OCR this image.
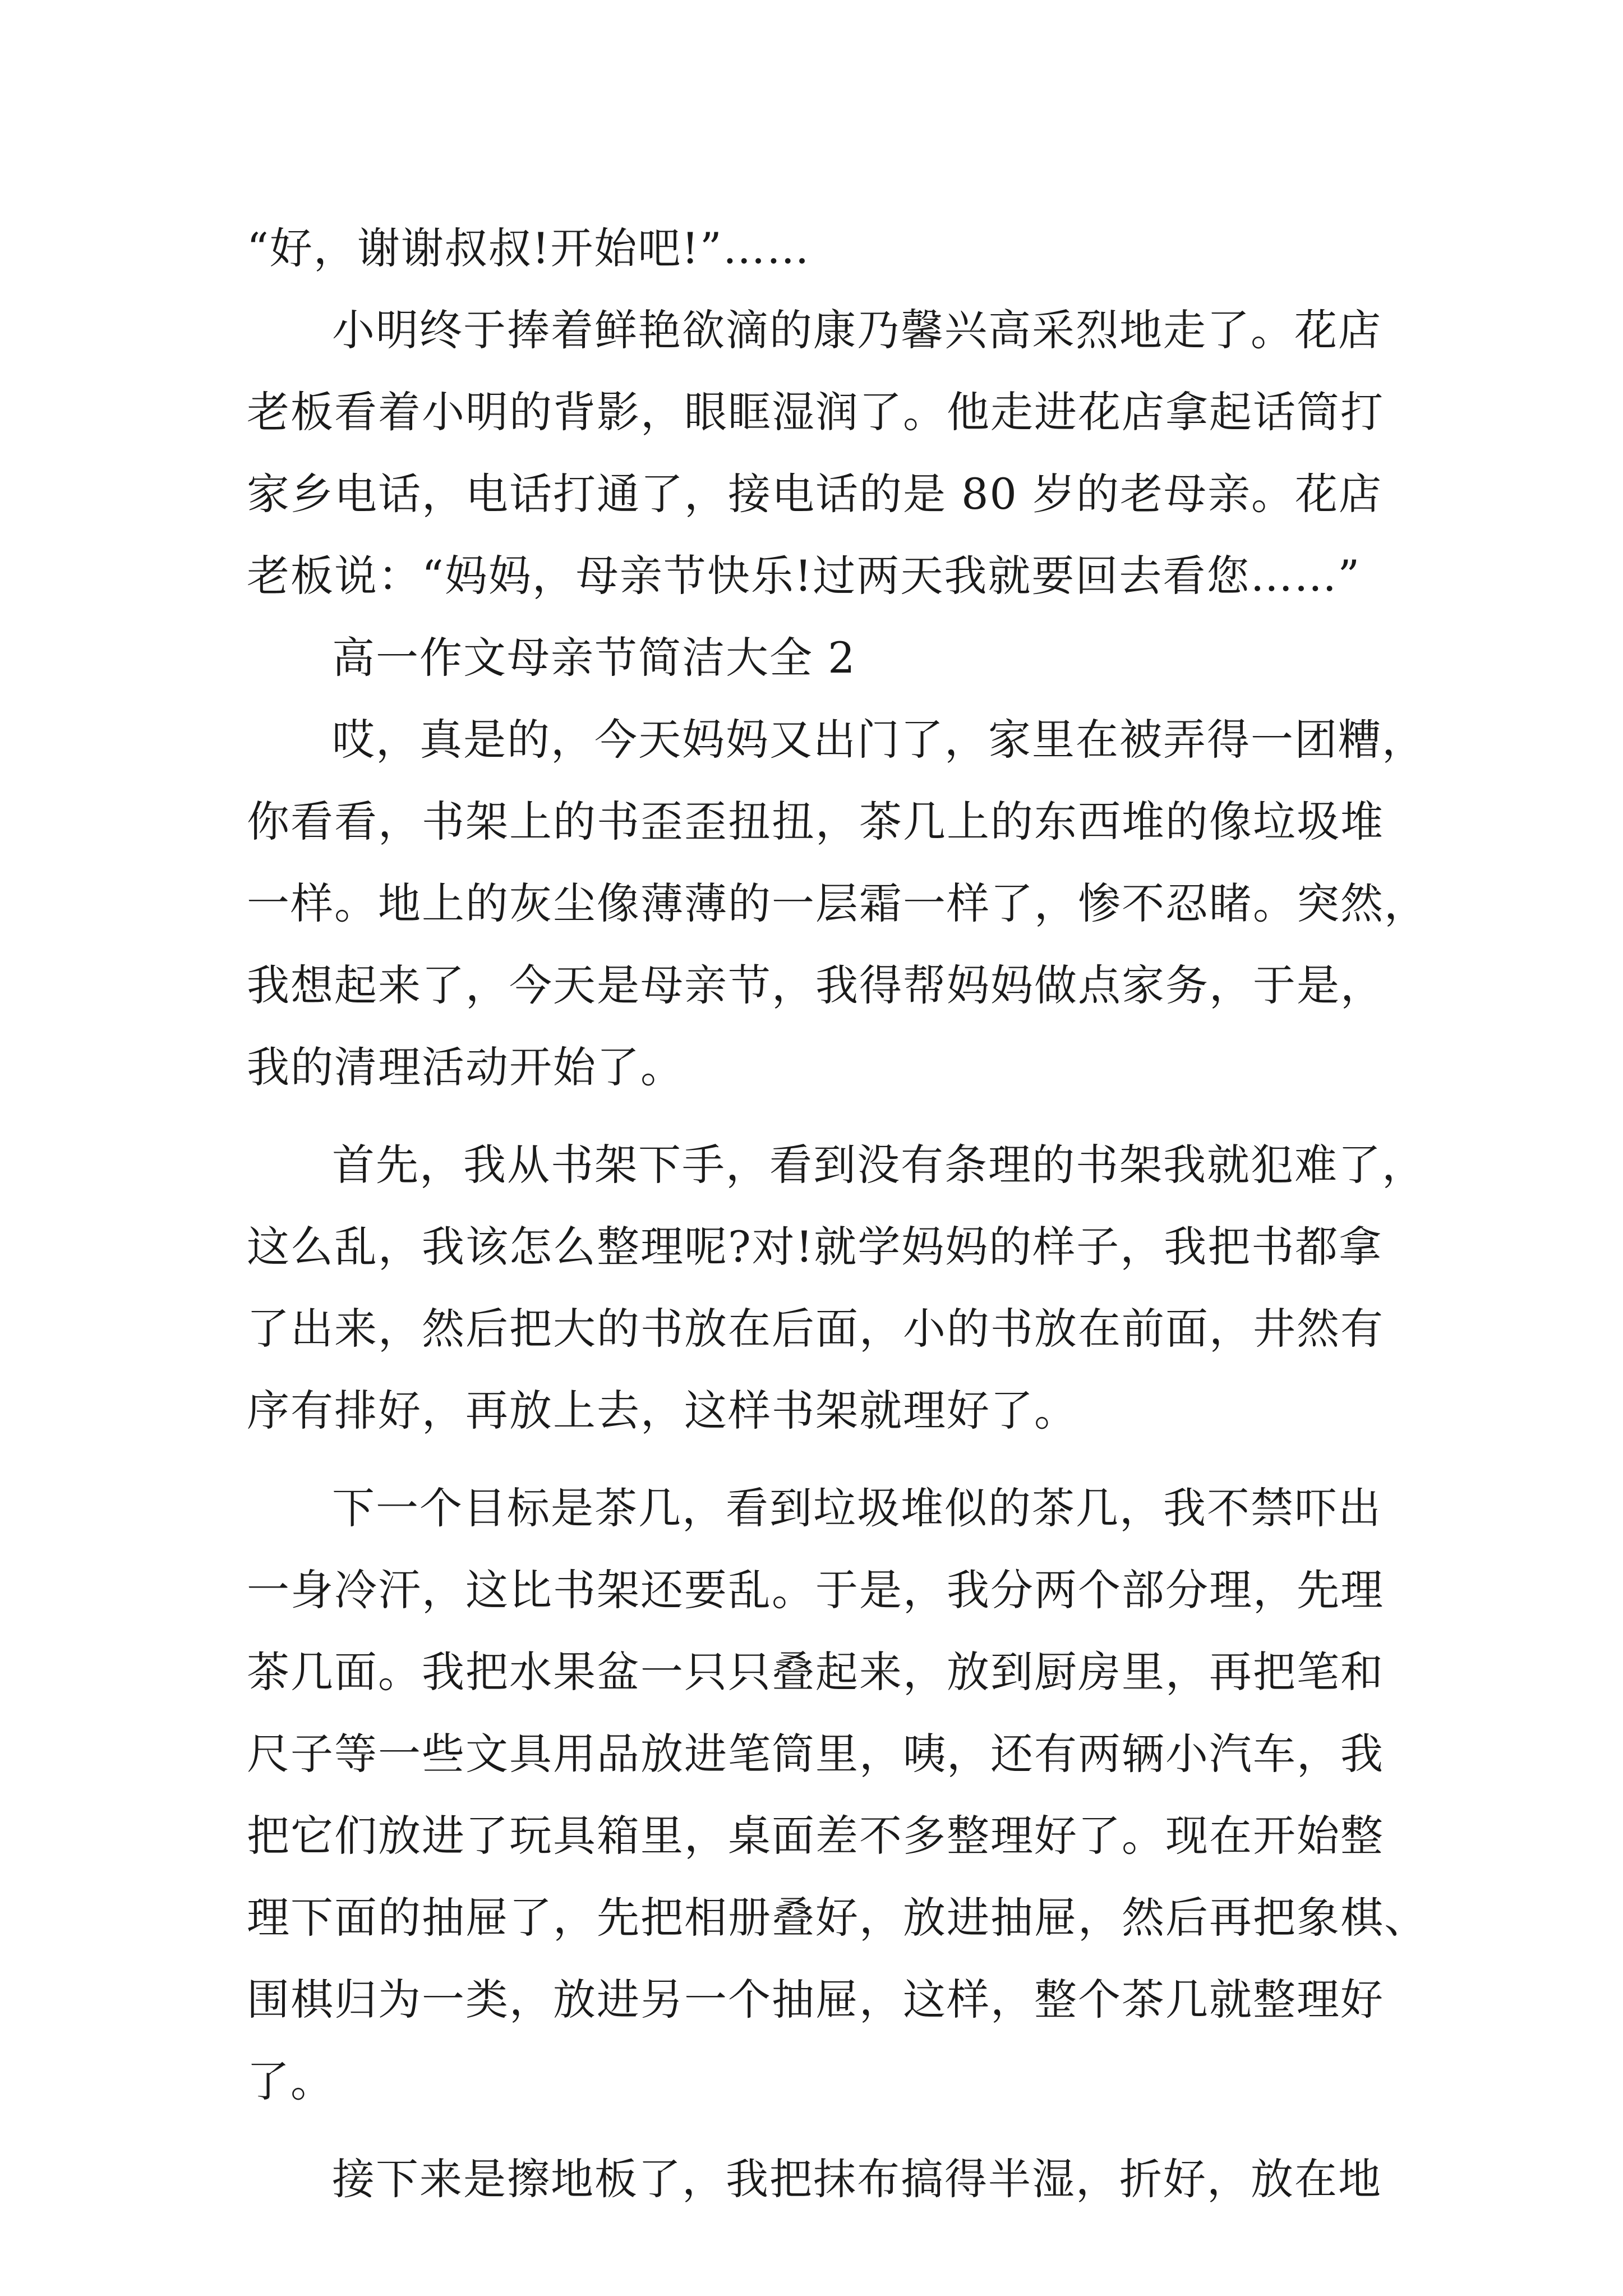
“好，谢谢叔叔!开始吧!”……
小明终于捧着鲜艳欲滴的康乃馨兴高采烈地走了。花店
老板看着小明的背影，眼眶湿润了。他走进花店拿起话筒打
家乡电话，电话打通了，接电话的是 80 岁的老母亲。花店
老板说：“妈妈，母亲节快乐!过两天我就要回去看您……”
高一作文母亲节简洁大全 2
哎，真是的，今天妈妈又出门了，家里在被弄得一团糟，
你看看，书架上的书歪歪扭扭，茶几上的东西堆的像垃圾堆
一样。地上的灰尘像薄薄的一层霜一样了，惨不忍睹。突然，
我想起来了，今天是母亲节，我得帮妈妈做点家务，于是，
我的清理活动开始了。
首先，我从书架下手，看到没有条理的书架我就犯难了，
这么乱，我该怎么整理呢?对!就学妈妈的样子，我把书都拿
了出来，然后把大的书放在后面，小的书放在前面，井然有
序有排好，再放上去，这样书架就理好了。
下一个目标是茶几，看到垃圾堆似的茶几，我不禁吓出
一身冷汗，这比书架还要乱。于是，我分两个部分理，先理
茶几面。我把水果盆一只只叠起来，放到厨房里，再把笔和
尺子等一些文具用品放进笔筒里，咦，还有两辆小汽车，我
把它们放进了玩具箱里，桌面差不多整理好了。现在开始整
理下面的抽屉了，先把相册叠好，放进抽屉，然后再把象棋、
围棋归为一类，放进另一个抽屉，这样，整个茶几就整理好
了。
接下来是擦地板了，我把抹布搞得半湿，折好，放在地
